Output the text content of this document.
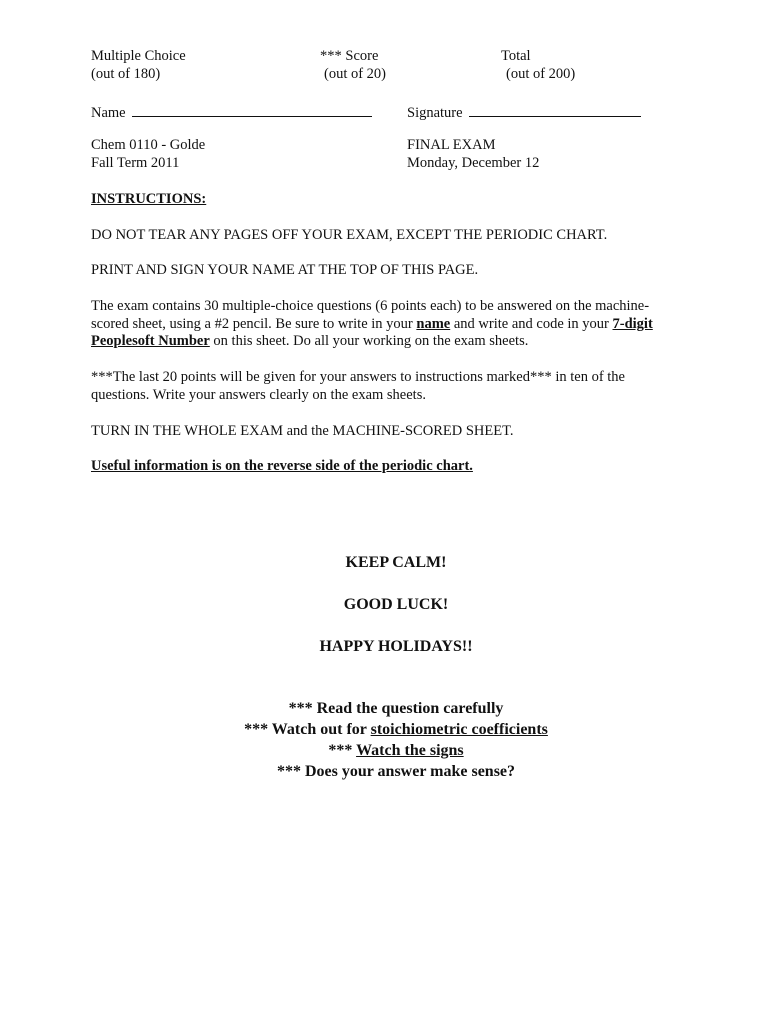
Multiple Choice
(out of 180)
*** Score
(out of 20)
Total
(out of 200)
Name	Signature
Chem 0110 - Golde
Fall Term 2011
FINAL EXAM
Monday, December 12
INSTRUCTIONS:
DO NOT TEAR ANY PAGES OFF YOUR EXAM, EXCEPT THE PERIODIC CHART.
PRINT AND SIGN YOUR NAME AT THE TOP OF THIS PAGE.
The exam contains 30 multiple-choice questions (6 points each) to be answered on the machine-scored sheet, using a #2 pencil. Be sure to write in your name and write and code in your 7-digit Peoplesoft Number on this sheet. Do all your working on the exam sheets.
***The last 20 points will be given for your answers to instructions marked*** in ten of the questions. Write your answers clearly on the exam sheets.
TURN IN THE WHOLE EXAM and the MACHINE-SCORED SHEET.
Useful information is on the reverse side of the periodic chart.
KEEP CALM!
GOOD LUCK!
HAPPY HOLIDAYS!!
*** Read the question carefully
*** Watch out for stoichiometric coefficients
*** Watch the signs
*** Does your answer make sense?
